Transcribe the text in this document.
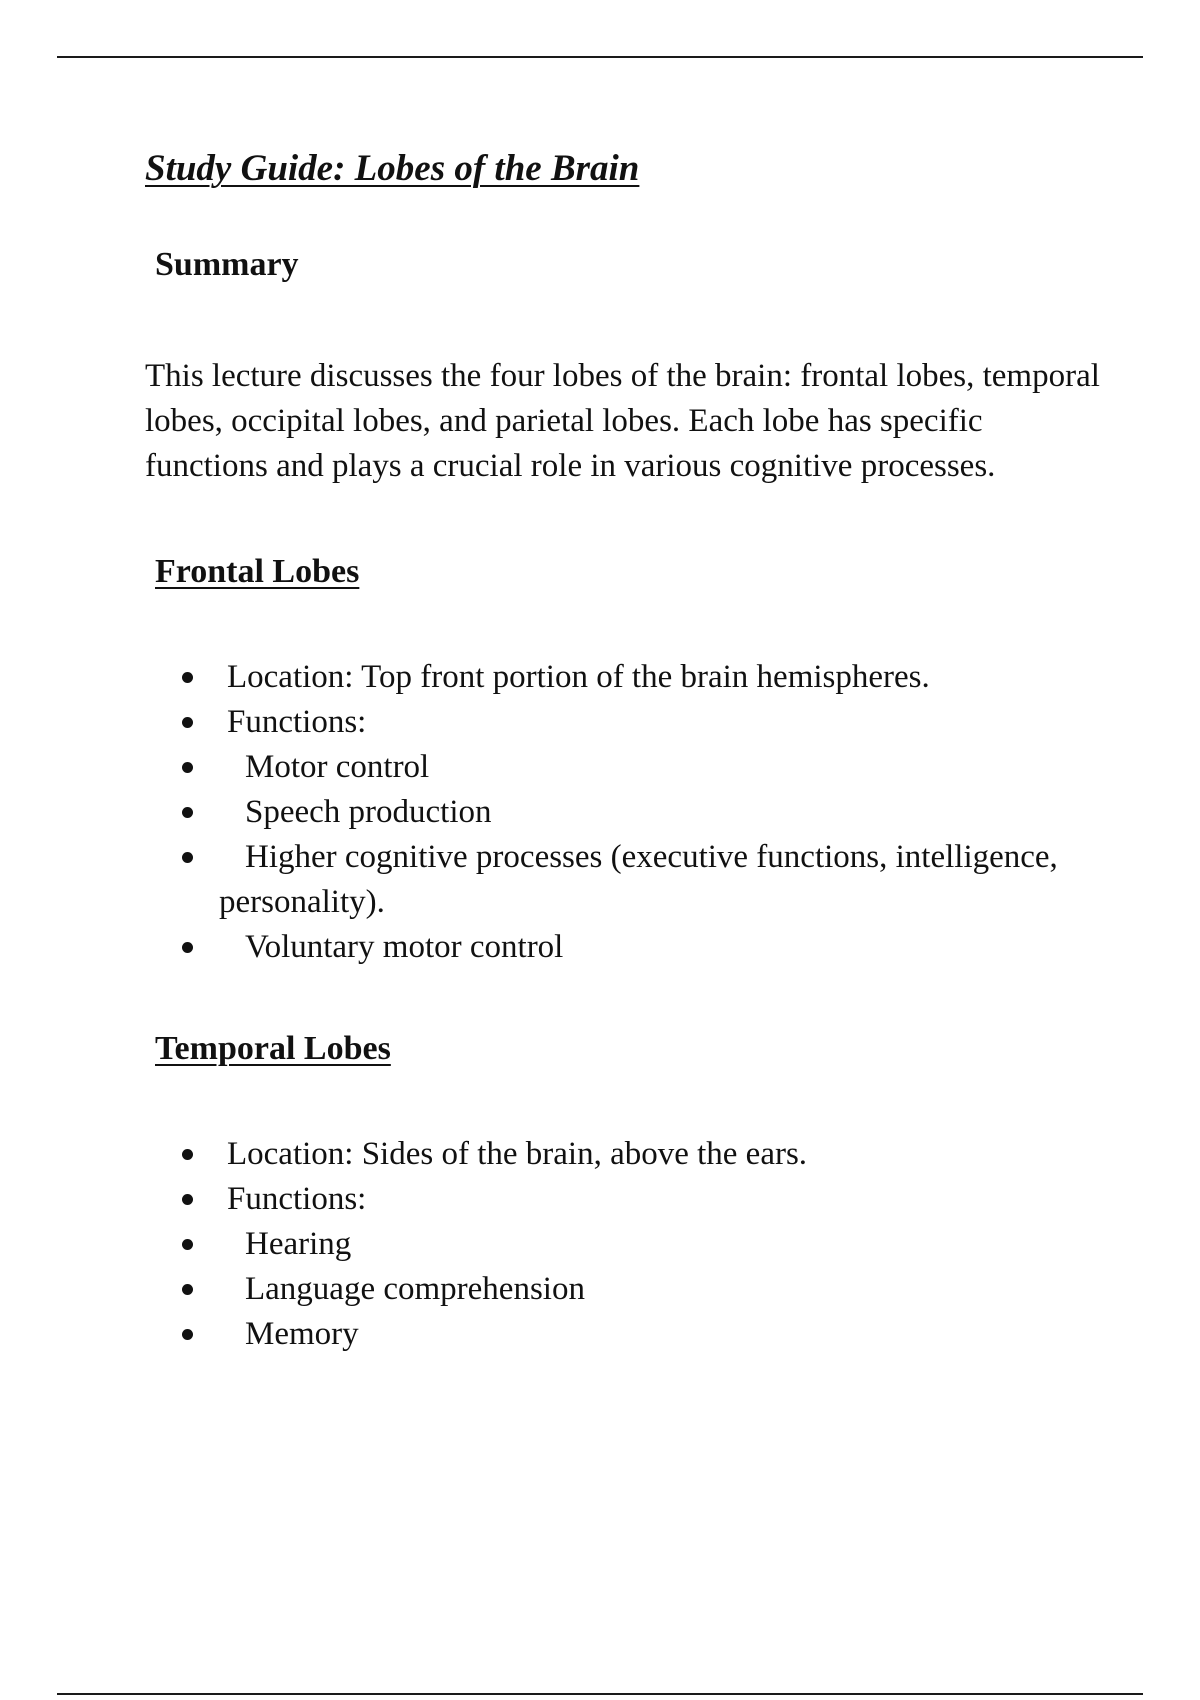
Study Guide: Lobes of the Brain
Summary

This lecture discusses the four lobes of the brain: frontal lobes, temporal lobes, occipital lobes, and parietal lobes. Each lobe has specific functions and plays a crucial role in various cognitive processes.

Frontal Lobes
Location: Top front portion of the brain hemispheres.
Functions:
Motor control
Speech production
Higher cognitive processes (executive functions, intelligence, personality).
Voluntary motor control
Temporal Lobes
Location: Sides of the brain, above the ears.
Functions:
Hearing
Language comprehension
Memory
